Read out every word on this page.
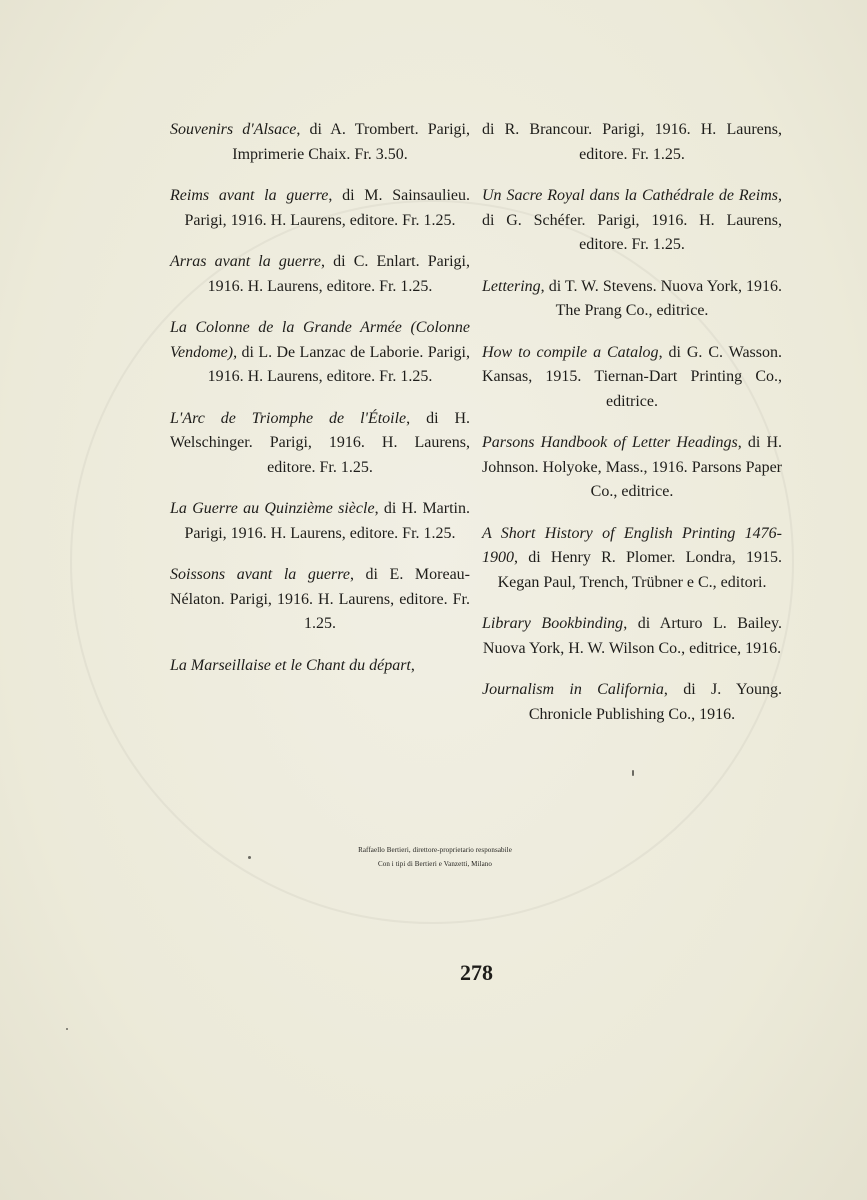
Souvenirs d'Alsace, di A. Trombert. Parigi, Imprimerie Chaix. Fr. 3.50.

Reims avant la guerre, di M. Sainsaulieu. Parigi, 1916. H. Laurens, editore. Fr. 1.25.

Arras avant la guerre, di C. Enlart. Parigi, 1916. H. Laurens, editore. Fr. 1.25.

La Colonne de la Grande Armée (Colonne Vendome), di L. De Lanzac de Laborie. Parigi, 1916. H. Laurens, editore. Fr. 1.25.

L'Arc de Triomphe de l'Étoile, di H. Welschinger. Parigi, 1916. H. Laurens, editore. Fr. 1.25.

La Guerre au Quinzième siècle, di H. Martin. Parigi, 1916. H. Laurens, editore. Fr. 1.25.

Soissons avant la guerre, di E. Moreau-Nélaton. Parigi, 1916. H. Laurens, editore. Fr. 1.25.

La Marseillaise et le Chant du départ,

di R. Brancour. Parigi, 1916. H. Laurens, editore. Fr. 1.25.

Un Sacre Royal dans la Cathédrale de Reims, di G. Schéfer. Parigi, 1916. H. Laurens, editore. Fr. 1.25.

Lettering, di T. W. Stevens. Nuova York, 1916. The Prang Co., editrice.

How to compile a Catalog, di G. C. Wasson. Kansas, 1915. Tiernan-Dart Printing Co., editrice.

Parsons Handbook of Letter Headings, di H. Johnson. Holyoke, Mass., 1916. Parsons Paper Co., editrice.

A Short History of English Printing 1476-1900, di Henry R. Plomer. Londra, 1915. Kegan Paul, Trench, Trübner e C., editori.

Library Bookbinding, di Arturo L. Bailey. Nuova York, H. W. Wilson Co., editrice, 1916.

Journalism in California, di J. Young. Chronicle Publishing Co., 1916.

Raffaello Bertieri, direttore-proprietario responsabile
Con i tipi di Bertieri e Vanzetti, Milano
278
